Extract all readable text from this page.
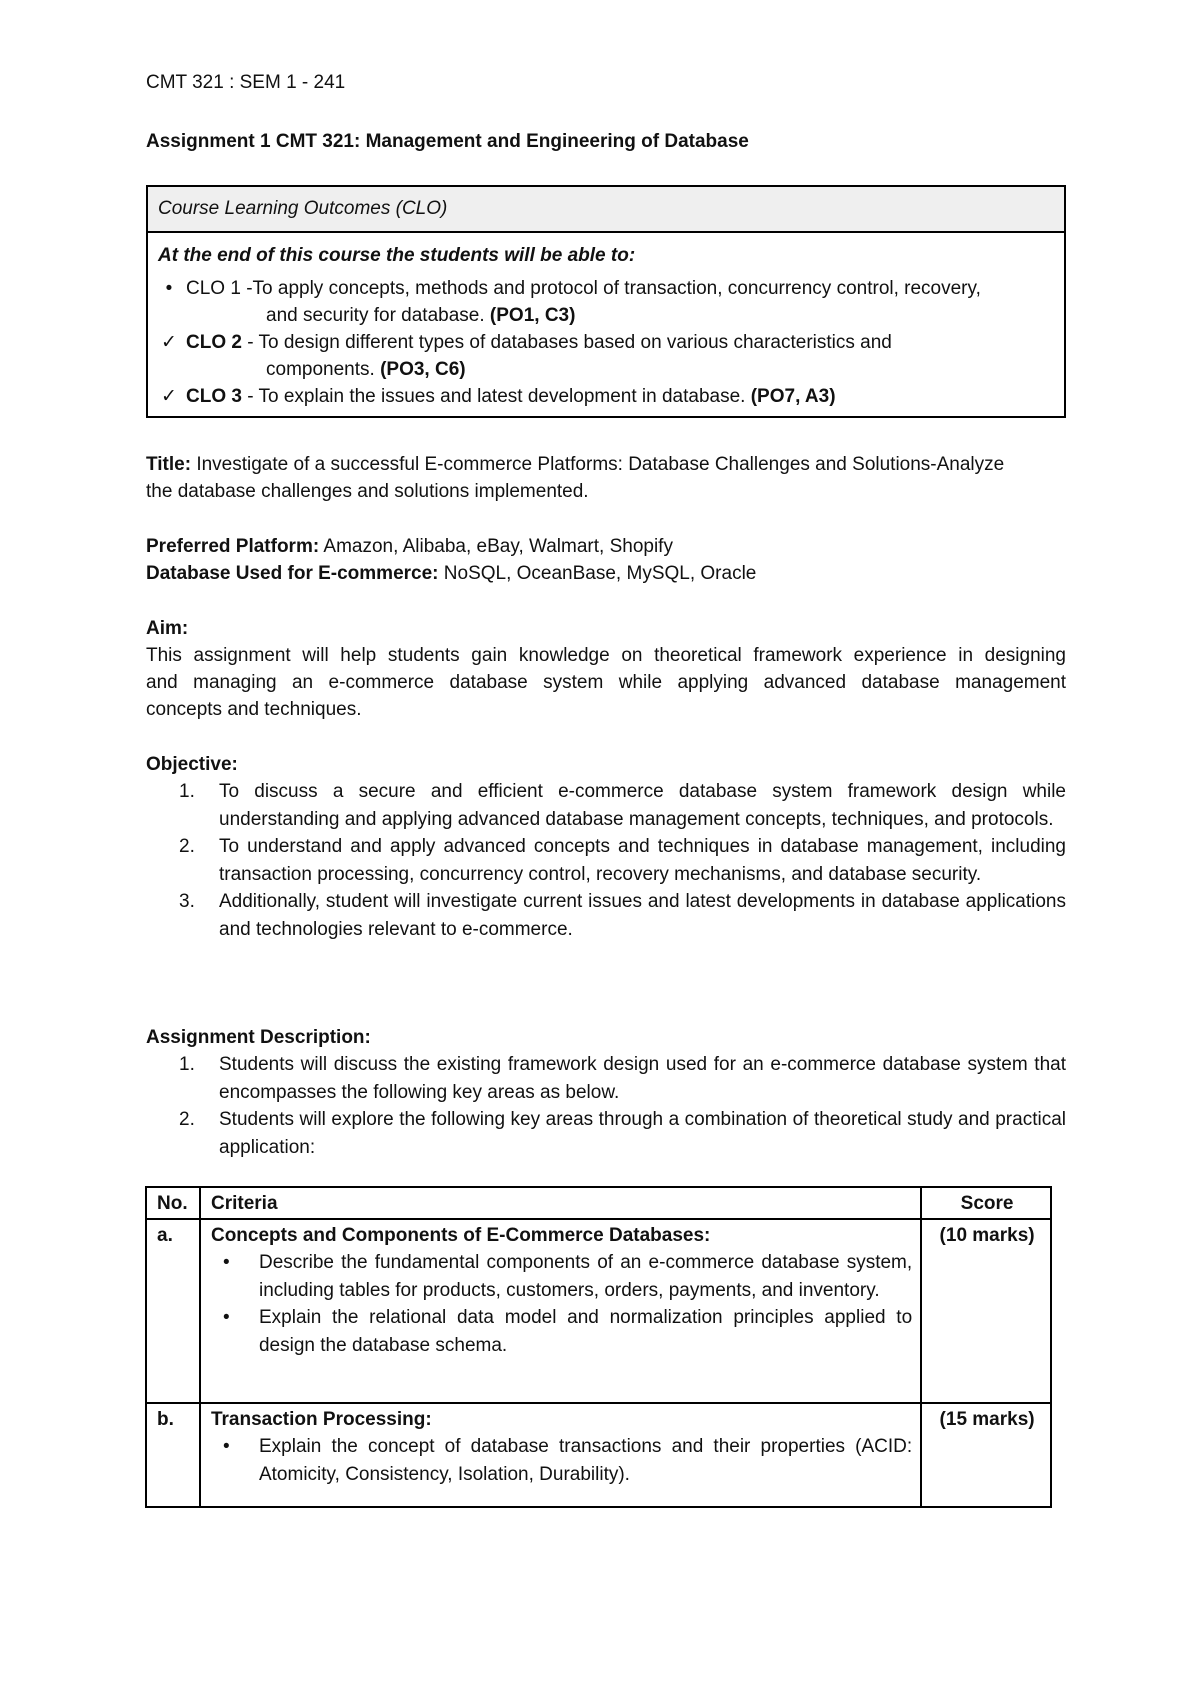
CMT 321 : SEM 1 - 241
Assignment 1 CMT 321: Management and Engineering of Database
Course Learning Outcomes (CLO)
At the end of this course the students will be able to:
• CLO 1 -To apply concepts, methods and protocol of transaction, concurrency control, recovery,
and security for database. (PO1, C3)
✓ CLO 2 - To design different types of databases based on various characteristics and
components. (PO3, C6)
✓ CLO 3 - To explain the issues and latest development in database. (PO7, A3)
Title: Investigate of a successful E-commerce Platforms: Database Challenges and Solutions-Analyze
the database challenges and solutions implemented.
Preferred Platform: Amazon, Alibaba, eBay, Walmart, Shopify
Database Used for E-commerce: NoSQL, OceanBase, MySQL, Oracle
Aim:
This assignment will help students gain knowledge on theoretical framework experience in designing
and managing an e-commerce database system while applying advanced database management
concepts and techniques.
Objective:
1. To discuss a secure and efficient e-commerce database system framework design while understanding and applying advanced database management concepts, techniques, and protocols.
2. To understand and apply advanced concepts and techniques in database management, including transaction processing, concurrency control, recovery mechanisms, and database security.
3. Additionally, student will investigate current issues and latest developments in database applications and technologies relevant to e-commerce.
Assignment Description:
1. Students will discuss the existing framework design used for an e-commerce database system that encompasses the following key areas as below.
2. Students will explore the following key areas through a combination of theoretical study and practical application:
No.	Criteria	Score
a.	Concepts and Components of E-Commerce Databases:
• Describe the fundamental components of an e-commerce database system, including tables for products, customers, orders, payments, and inventory.
• Explain the relational data model and normalization principles applied to design the database schema.	(10 marks)
b.	Transaction Processing:
• Explain the concept of database transactions and their properties (ACID: Atomicity, Consistency, Isolation, Durability).	(15 marks)
